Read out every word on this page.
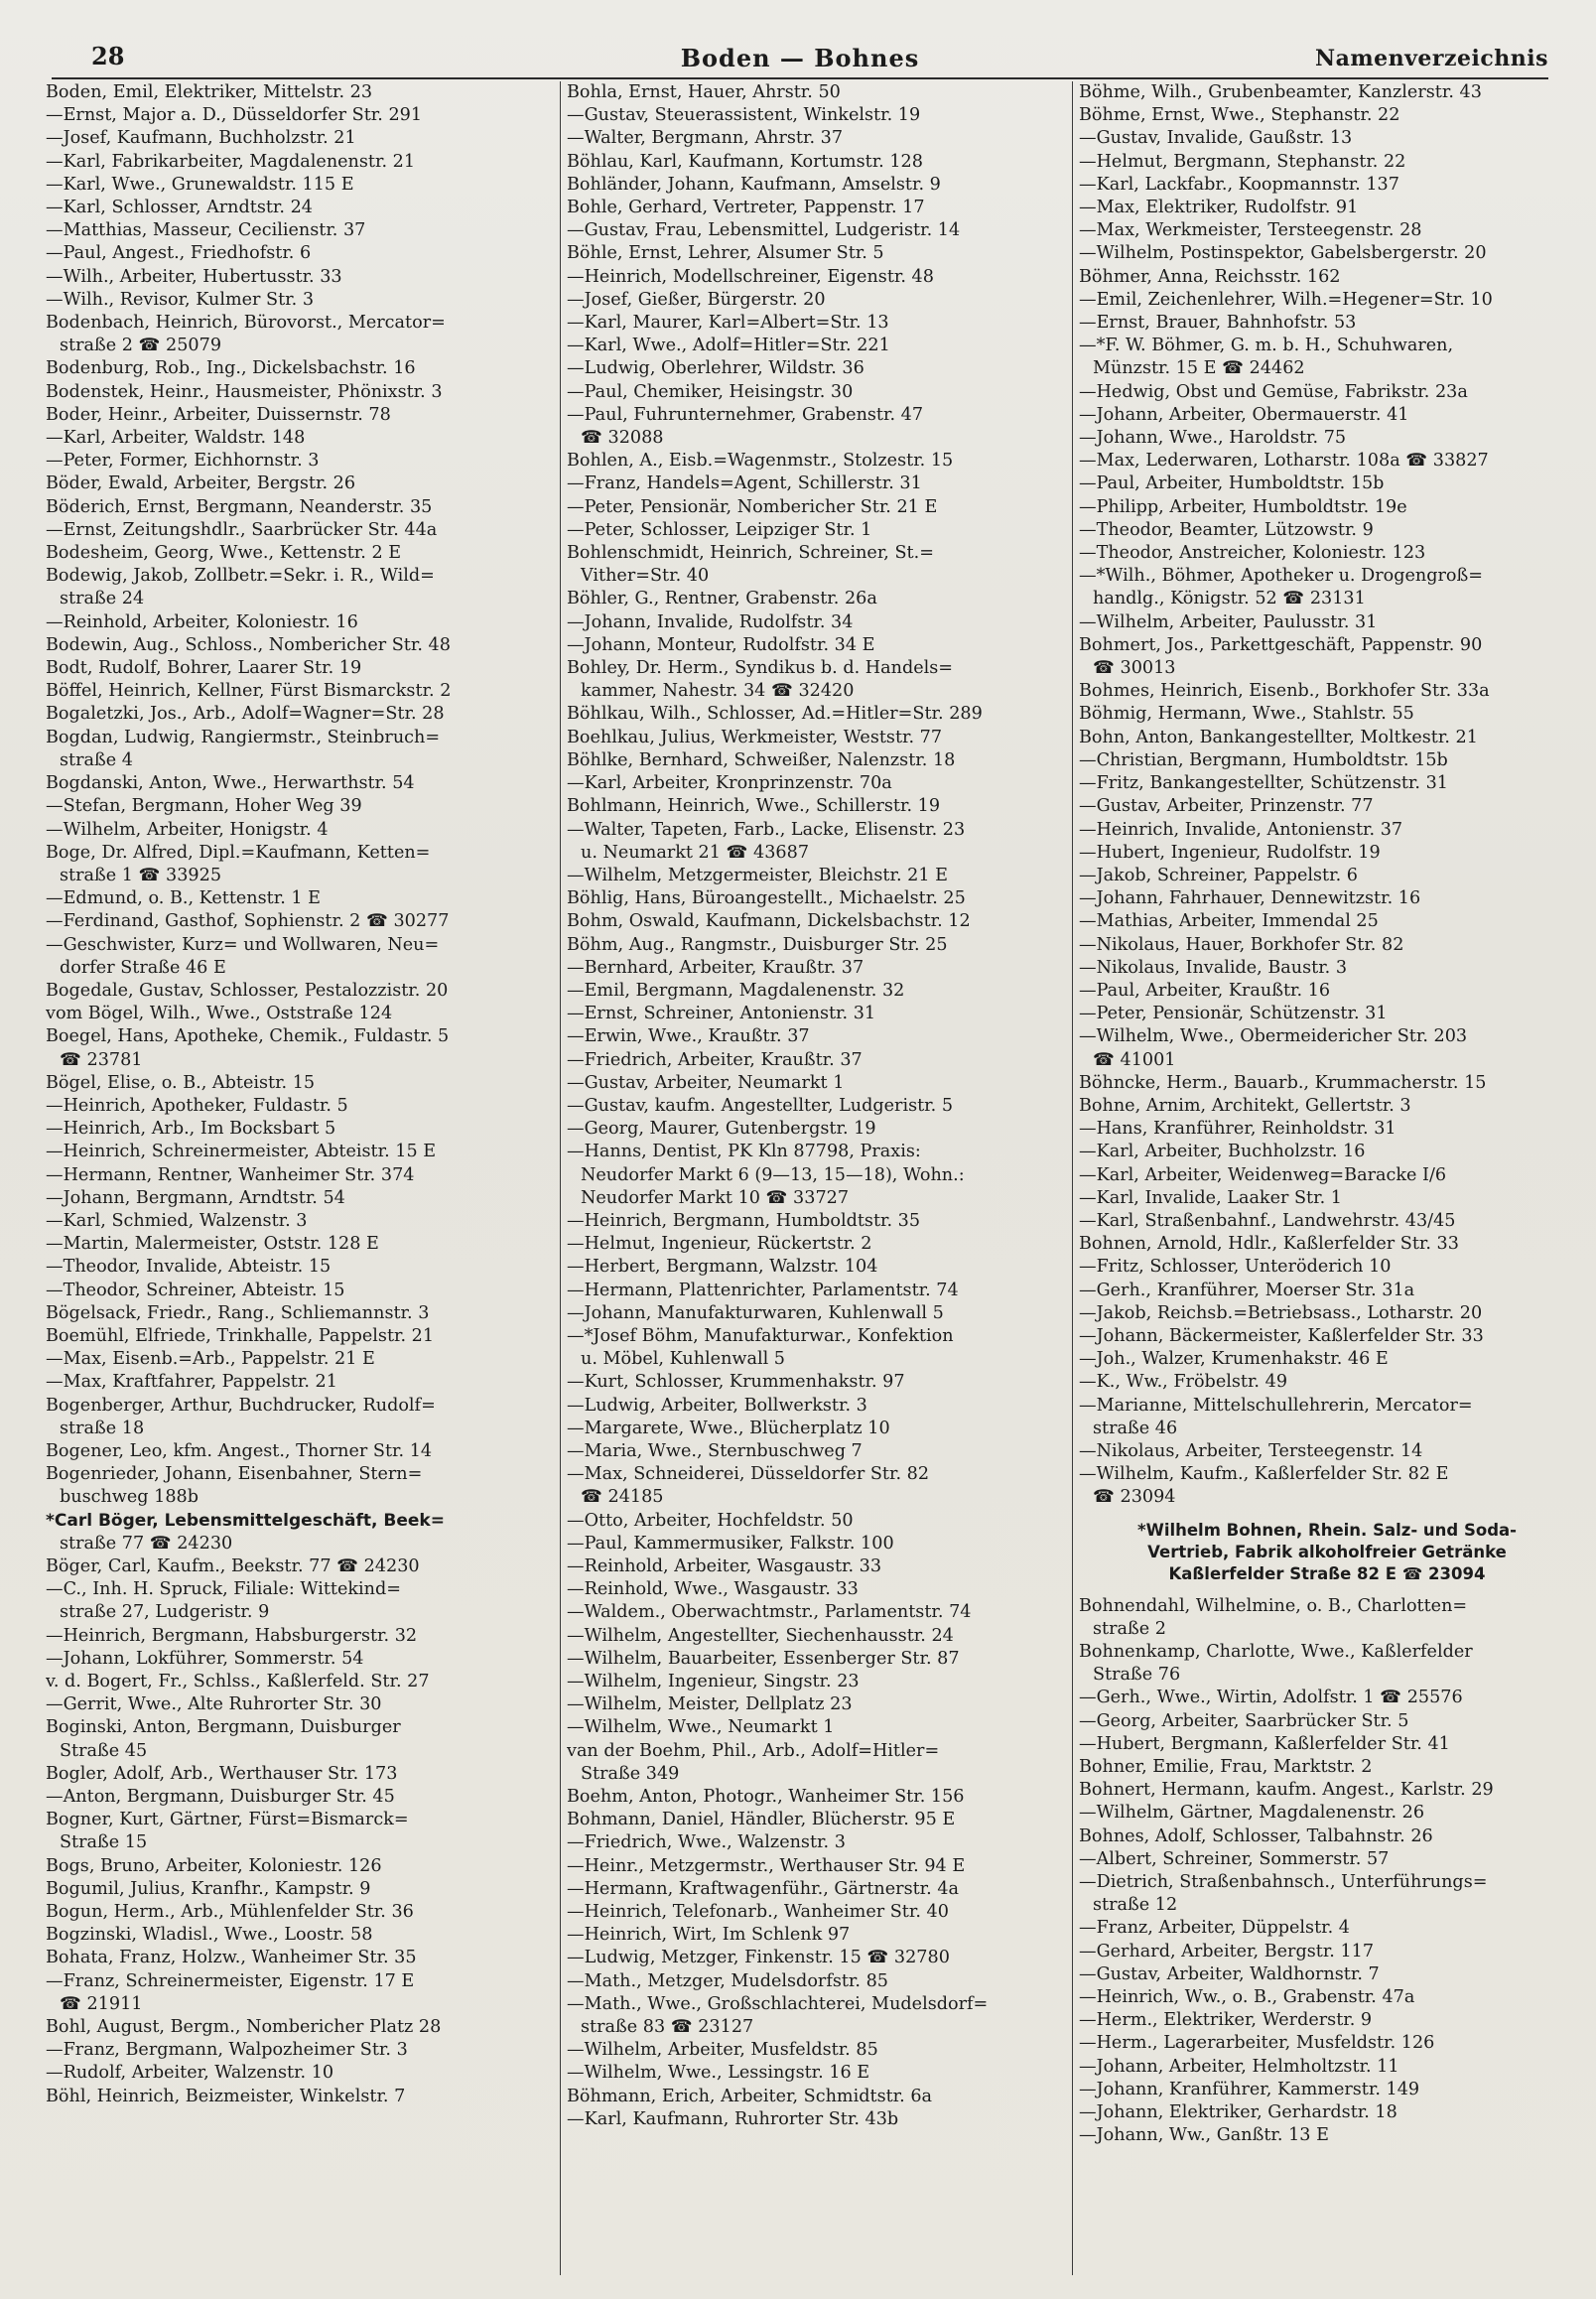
28	Boden — Bohnes	Namenverzeichnis
Boden, Emil, Elektriker, Mittelstr. 23
—Ernst, Major a. D., Düsseldorfer Str. 291
—Josef, Kaufmann, Buchholzstr. 21
—Karl, Fabrikarbeiter, Magdalenenstr. 21
—Karl, Wwe., Grunewaldstr. 115 E
—Karl, Schlosser, Arndtstr. 24
—Matthias, Masseur, Cecilienstr. 37
—Paul, Angest., Friedhofstr. 6
—Wilh., Arbeiter, Hubertusstr. 33
—Wilh., Revisor, Kulmer Str. 3
Bodenbach, Heinrich, Bürovorst., Mercator=
straße 2 ☎ 25079
Bodenburg, Rob., Ing., Dickelsbachstr. 16
Bodenstek, Heinr., Hausmeister, Phönixstr. 3
Boder, Heinr., Arbeiter, Duissernstr. 78
—Karl, Arbeiter, Waldstr. 148
—Peter, Former, Eichhornstr. 3
Böder, Ewald, Arbeiter, Bergstr. 26
Böderich, Ernst, Bergmann, Neanderstr. 35
—Ernst, Zeitungshdlr., Saarbrücker Str. 44a
Bodesheim, Georg, Wwe., Kettenstr. 2 E
Bodewig, Jakob, Zollbetr.=Sekr. i. R., Wild=
straße 24
—Reinhold, Arbeiter, Koloniestr. 16
Bodewin, Aug., Schloss., Nombericher Str. 48
Bodt, Rudolf, Bohrer, Laarer Str. 19
Böffel, Heinrich, Kellner, Fürst Bismarckstr. 2
Bogaletzki, Jos., Arb., Adolf=Wagner=Str. 28
Bogdan, Ludwig, Rangiermstr., Steinbruch=
straße 4
Bogdanski, Anton, Wwe., Herwarthstr. 54
—Stefan, Bergmann, Hoher Weg 39
—Wilhelm, Arbeiter, Honigstr. 4
Boge, Dr. Alfred, Dipl.=Kaufmann, Ketten=
straße 1 ☎ 33925
—Edmund, o. B., Kettenstr. 1 E
—Ferdinand, Gasthof, Sophienstr. 2 ☎ 30277
—Geschwister, Kurz= und Wollwaren, Neu=
dorfer Straße 46 E
Bogedale, Gustav, Schlosser, Pestalozzistr. 20
vom Bögel, Wilh., Wwe., Oststraße 124
Boegel, Hans, Apotheke, Chemik., Fuldastr. 5
☎ 23781
Bögel, Elise, o. B., Abteistr. 15
—Heinrich, Apotheker, Fuldastr. 5
—Heinrich, Arb., Im Bocksbart 5
—Heinrich, Schreinermeister, Abteistr. 15 E
—Hermann, Rentner, Wanheimer Str. 374
—Johann, Bergmann, Arndtstr. 54
—Karl, Schmied, Walzenstr. 3
—Martin, Malermeister, Oststr. 128 E
—Theodor, Invalide, Abteistr. 15
—Theodor, Schreiner, Abteistr. 15
Bögelsack, Friedr., Rang., Schliemannstr. 3
Boemühl, Elfriede, Trinkhalle, Pappelstr. 21
—Max, Eisenb.=Arb., Pappelstr. 21 E
—Max, Kraftfahrer, Pappelstr. 21
Bogenberger, Arthur, Buchdrucker, Rudolf=
straße 18
Bogener, Leo, kfm. Angest., Thorner Str. 14
Bogenrieder, Johann, Eisenbahner, Stern=
buschweg 188b
*Carl Böger, Lebensmittelgeschäft, Beek=
straße 77 ☎ 24230
Böger, Carl, Kaufm., Beekstr. 77 ☎ 24230
—C., Inh. H. Spruck, Filiale: Wittekind=
straße 27, Ludgeristr. 9
—Heinrich, Bergmann, Habsburgerstr. 32
—Johann, Lokführer, Sommerstr. 54
v. d. Bogert, Fr., Schlss., Kaßlerfeld. Str. 27
—Gerrit, Wwe., Alte Ruhrorter Str. 30
Boginski, Anton, Bergmann, Duisburger
Straße 45
Bogler, Adolf, Arb., Werthauser Str. 173
—Anton, Bergmann, Duisburger Str. 45
Bogner, Kurt, Gärtner, Fürst=Bismarck=
Straße 15
Bogs, Bruno, Arbeiter, Koloniestr. 126
Bogumil, Julius, Kranfhr., Kampstr. 9
Bogun, Herm., Arb., Mühlenfelder Str. 36
Bogzinski, Wladisl., Wwe., Loostr. 58
Bohata, Franz, Holzw., Wanheimer Str. 35
—Franz, Schreinermeister, Eigenstr. 17 E
☎ 21911
Bohl, August, Bergm., Nombericher Platz 28
—Franz, Bergmann, Walpozheimer Str. 3
—Rudolf, Arbeiter, Walzenstr. 10
Böhl, Heinrich, Beizmeister, Winkelstr. 7
Bohla, Ernst, Hauer, Ahrstr. 50
—Gustav, Steuerassistent, Winkelstr. 19
—Walter, Bergmann, Ahrstr. 37
Böhlau, Karl, Kaufmann, Kortumstr. 128
Bohländer, Johann, Kaufmann, Amselstr. 9
Bohle, Gerhard, Vertreter, Pappenstr. 17
—Gustav, Frau, Lebensmittel, Ludgeristr. 14
Böhle, Ernst, Lehrer, Alsumer Str. 5
—Heinrich, Modellschreiner, Eigenstr. 48
—Josef, Gießer, Bürgerstr. 20
—Karl, Maurer, Karl=Albert=Str. 13
—Karl, Wwe., Adolf=Hitler=Str. 221
—Ludwig, Oberlehrer, Wildstr. 36
—Paul, Chemiker, Heisingstr. 30
—Paul, Fuhrunternehmer, Grabenstr. 47
☎ 32088
Bohlen, A., Eisb.=Wagenmstr., Stolzestr. 15
—Franz, Handels=Agent, Schillerstr. 31
—Peter, Pensionär, Nombericher Str. 21 E
—Peter, Schlosser, Leipziger Str. 1
Bohlenschmidt, Heinrich, Schreiner, St.=
Vither=Str. 40
Böhler, G., Rentner, Grabenstr. 26a
—Johann, Invalide, Rudolfstr. 34
—Johann, Monteur, Rudolfstr. 34 E
Bohley, Dr. Herm., Syndikus b. d. Handels=
kammer, Nahestr. 34 ☎ 32420
Böhlkau, Wilh., Schlosser, Ad.=Hitler=Str. 289
Boehlkau, Julius, Werkmeister, Weststr. 77
Böhlke, Bernhard, Schweißer, Nalenzstr. 18
—Karl, Arbeiter, Kronprinzenstr. 70a
Bohlmann, Heinrich, Wwe., Schillerstr. 19
—Walter, Tapeten, Farb., Lacke, Elisenstr. 23
u. Neumarkt 21 ☎ 43687
—Wilhelm, Metzgermeister, Bleichstr. 21 E
Böhlig, Hans, Büroangestellt., Michaelstr. 25
Bohm, Oswald, Kaufmann, Dickelsbachstr. 12
Böhm, Aug., Rangmstr., Duisburger Str. 25
—Bernhard, Arbeiter, Kraußtr. 37
—Emil, Bergmann, Magdalenenstr. 32
—Ernst, Schreiner, Antonienstr. 31
—Erwin, Wwe., Kraußtr. 37
—Friedrich, Arbeiter, Kraußtr. 37
—Gustav, Arbeiter, Neumarkt 1
—Gustav, kaufm. Angestellter, Ludgeristr. 5
—Georg, Maurer, Gutenbergstr. 19
—Hanns, Dentist, PK Kln 87798, Praxis:
Neudorfer Markt 6 (9—13, 15—18), Wohn.:
Neudorfer Markt 10 ☎ 33727
—Heinrich, Bergmann, Humboldtstr. 35
—Helmut, Ingenieur, Rückertstr. 2
—Herbert, Bergmann, Walzstr. 104
—Hermann, Plattenrichter, Parlamentstr. 74
—Johann, Manufakturwaren, Kuhlenwall 5
—*Josef Böhm, Manufakturwar., Konfektion
u. Möbel, Kuhlenwall 5
—Kurt, Schlosser, Krummenhakstr. 97
—Ludwig, Arbeiter, Bollwerkstr. 3
—Margarete, Wwe., Blücherplatz 10
—Maria, Wwe., Sternbuschweg 7
—Max, Schneiderei, Düsseldorfer Str. 82
☎ 24185
—Otto, Arbeiter, Hochfeldstr. 50
—Paul, Kammermusiker, Falkstr. 100
—Reinhold, Arbeiter, Wasgaustr. 33
—Reinhold, Wwe., Wasgaustr. 33
—Waldem., Oberwachtmstr., Parlamentstr. 74
—Wilhelm, Angestellter, Siechenhausstr. 24
—Wilhelm, Bauarbeiter, Essenberger Str. 87
—Wilhelm, Ingenieur, Singstr. 23
—Wilhelm, Meister, Dellplatz 23
—Wilhelm, Wwe., Neumarkt 1
van der Boehm, Phil., Arb., Adolf=Hitler=
Straße 349
Boehm, Anton, Photogr., Wanheimer Str. 156
Bohmann, Daniel, Händler, Blücherstr. 95 E
—Friedrich, Wwe., Walzenstr. 3
—Heinr., Metzgermstr., Werthauser Str. 94 E
—Hermann, Kraftwagenführ., Gärtnerstr. 4a
—Heinrich, Telefonarb., Wanheimer Str. 40
—Heinrich, Wirt, Im Schlenk 97
—Ludwig, Metzger, Finkenstr. 15 ☎ 32780
—Math., Metzger, Mudelsdorfstr. 85
—Math., Wwe., Großschlachterei, Mudelsdorf=
straße 83 ☎ 23127
—Wilhelm, Arbeiter, Musfeldstr. 85
—Wilhelm, Wwe., Lessingstr. 16 E
Böhmann, Erich, Arbeiter, Schmidtstr. 6a
—Karl, Kaufmann, Ruhrorter Str. 43b
Böhme, Wilh., Grubenbeamter, Kanzlerstr. 43
Böhme, Ernst, Wwe., Stephanstr. 22
—Gustav, Invalide, Gaußstr. 13
—Helmut, Bergmann, Stephanstr. 22
—Karl, Lackfabr., Koopmannstr. 137
—Max, Elektriker, Rudolfstr. 91
—Max, Werkmeister, Tersteegenstr. 28
—Wilhelm, Postinspektor, Gabelsbergerstr. 20
Böhmer, Anna, Reichsstr. 162
—Emil, Zeichenlehrer, Wilh.=Hegener=Str. 10
—Ernst, Brauer, Bahnhofstr. 53
—*F. W. Böhmer, G. m. b. H., Schuhwaren,
Münzstr. 15 E ☎ 24462
—Hedwig, Obst und Gemüse, Fabrikstr. 23a
—Johann, Arbeiter, Obermauerstr. 41
—Johann, Wwe., Haroldstr. 75
—Max, Lederwaren, Lotharstr. 108a ☎ 33827
—Paul, Arbeiter, Humboldtstr. 15b
—Philipp, Arbeiter, Humboldtstr. 19e
—Theodor, Beamter, Lützowstr. 9
—Theodor, Anstreicher, Koloniestr. 123
—*Wilh., Böhmer, Apotheker u. Drogengroß=
handlg., Königstr. 52 ☎ 23131
—Wilhelm, Arbeiter, Paulusstr. 31
Bohmert, Jos., Parkettgeschäft, Pappenstr. 90
☎ 30013
Bohmes, Heinrich, Eisenb., Borkhofer Str. 33a
Böhmig, Hermann, Wwe., Stahlstr. 55
Bohn, Anton, Bankangestellter, Moltkestr. 21
—Christian, Bergmann, Humboldtstr. 15b
—Fritz, Bankangestellter, Schützenstr. 31
—Gustav, Arbeiter, Prinzenstr. 77
—Heinrich, Invalide, Antonienstr. 37
—Hubert, Ingenieur, Rudolfstr. 19
—Jakob, Schreiner, Pappelstr. 6
—Johann, Fahrhauer, Dennewitzstr. 16
—Mathias, Arbeiter, Immendal 25
—Nikolaus, Hauer, Borkhofer Str. 82
—Nikolaus, Invalide, Baustr. 3
—Paul, Arbeiter, Kraußtr. 16
—Peter, Pensionär, Schützenstr. 31
—Wilhelm, Wwe., Obermeidericher Str. 203
☎ 41001
Böhncke, Herm., Bauarb., Krummacherstr. 15
Bohne, Arnim, Architekt, Gellertstr. 3
—Hans, Kranführer, Reinholdstr. 31
—Karl, Arbeiter, Buchholzstr. 16
—Karl, Arbeiter, Weidenweg=Baracke I/6
—Karl, Invalide, Laaker Str. 1
—Karl, Straßenbahnf., Landwehrstr. 43/45
Bohnen, Arnold, Hdlr., Kaßlerfelder Str. 33
—Fritz, Schlosser, Unteröderich 10
—Gerh., Kranführer, Moerser Str. 31a
—Jakob, Reichsb.=Betriebsass., Lotharstr. 20
—Johann, Bäckermeister, Kaßlerfelder Str. 33
—Joh., Walzer, Krumenhakstr. 46 E
—K., Ww., Fröbelstr. 49
—Marianne, Mittelschullehrerin, Mercator=
straße 46
—Nikolaus, Arbeiter, Tersteegenstr. 14
—Wilhelm, Kaufm., Kaßlerfelder Str. 82 E
☎ 23094
*Wilhelm Bohnen, Rhein. Salz- und Soda-
Vertrieb, Fabrik alkoholfreier Getränke
Kaßlerfelder Straße 82 E ☎ 23094
Bohnendahl, Wilhelmine, o. B., Charlotten=
straße 2
Bohnenkamp, Charlotte, Wwe., Kaßlerfelder
Straße 76
—Gerh., Wwe., Wirtin, Adolfstr. 1 ☎ 25576
—Georg, Arbeiter, Saarbrücker Str. 5
—Hubert, Bergmann, Kaßlerfelder Str. 41
Bohner, Emilie, Frau, Marktstr. 2
Bohnert, Hermann, kaufm. Angest., Karlstr. 29
—Wilhelm, Gärtner, Magdalenenstr. 26
Bohnes, Adolf, Schlosser, Talbahnstr. 26
—Albert, Schreiner, Sommerstr. 57
—Dietrich, Straßenbahnsch., Unterführungs=
straße 12
—Franz, Arbeiter, Düppelstr. 4
—Gerhard, Arbeiter, Bergstr. 117
—Gustav, Arbeiter, Waldhornstr. 7
—Heinrich, Ww., o. B., Grabenstr. 47a
—Herm., Elektriker, Werderstr. 9
—Herm., Lagerarbeiter, Musfeldstr. 126
—Johann, Arbeiter, Helmholtzstr. 11
—Johann, Kranführer, Kammerstr. 149
—Johann, Elektriker, Gerhardstr. 18
—Johann, Ww., Ganßtr. 13 E
